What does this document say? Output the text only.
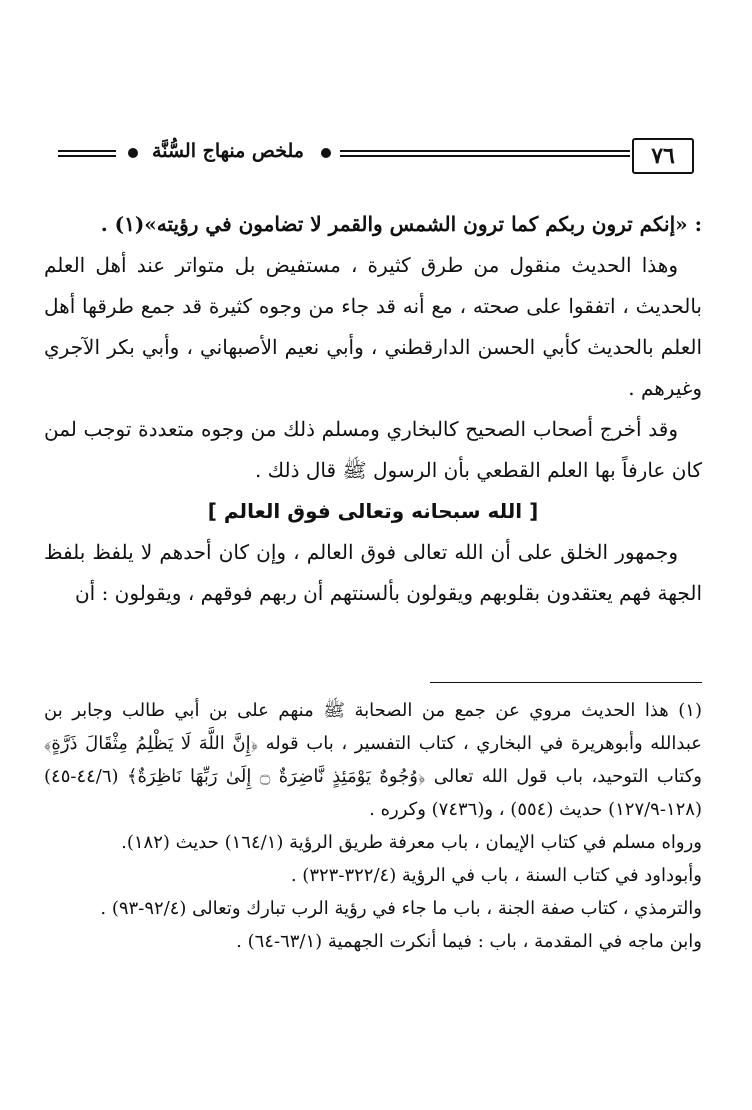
٧٦
ملخص منهاج السُّنَّة

: «إنكم ترون ربكم كما ترون الشمس والقمر لا تضامون في رؤيته»(١) .

وهذا الحديث منقول من طرق كثيرة ، مستفيض بل متواتر عند أهل العلم بالحديث ، اتفقوا على صحته ، مع أنه قد جاء من وجوه كثيرة قد جمع طرقها أهل العلم بالحديث كأبي الحسن الدارقطني ، وأبي نعيم الأصبهاني ، وأبي بكر الآجري وغيرهم .

وقد أخرج أصحاب الصحيح كالبخاري ومسلم ذلك من وجوه متعددة توجب لمن كان عارفاً بها العلم القطعي بأن الرسول ﷺ قال ذلك .

[ الله سبحانه وتعالى فوق العالم ]

وجمهور الخلق على أن الله تعالى فوق العالم ، وإن كان أحدهم لا يلفظ بلفظ الجهة فهم يعتقدون بقلوبهم ويقولون بألسنتهم أن ربهم فوقهم ، ويقولون : أن

(١) هذا الحديث مروي عن جمع من الصحابة ﷺ منهم على بن أبي طالب وجابر بن عبدالله وأبوهريرة في البخاري ، كتاب التفسير ، باب قوله ﴿إِنَّ اللَّهَ لَا يَظْلِمُ مِثْقَالَ ذَرَّةٍ﴾ وكتاب التوحيد، باب قول الله تعالى ﴿وُجُوهٌ يَوْمَئِذٍ نَّاضِرَةٌ ۝ إِلَىٰ رَبِّهَا نَاظِرَةٌ﴾ (٤٤/٦-٤٥) (١٢٨-١٢٧/٩) حديث (٥٥٤) ، و(٧٤٣٦) وكرره .

ورواه مسلم في كتاب الإيمان ، باب معرفة طريق الرؤية (١٦٤/١) حديث (١٨٢).

وأبوداود في كتاب السنة ، باب في الرؤية (٣٢٢/٤-٣٢٣) .

والترمذي ، كتاب صفة الجنة ، باب ما جاء في رؤية الرب تبارك وتعالى (٩٢/٤-٩٣) .

وابن ماجه في المقدمة ، باب : فيما أنكرت الجهمية (٦٣/١-٦٤) .
